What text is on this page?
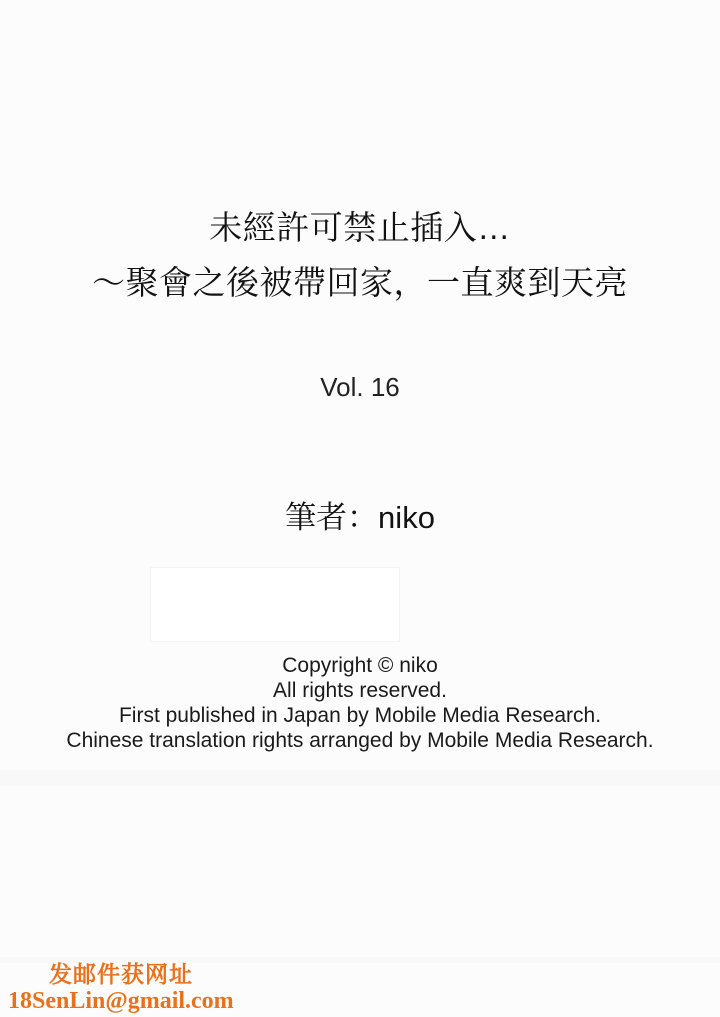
未經許可禁止插入…
～聚會之後被帶回家，一直爽到天亮
Vol. 16
筆者：niko
Copyright © niko
All rights reserved.
First published in Japan by Mobile Media Research.
Chinese translation rights arranged by Mobile Media Research.
发邮件获网址
18SenLin@gmail.com
